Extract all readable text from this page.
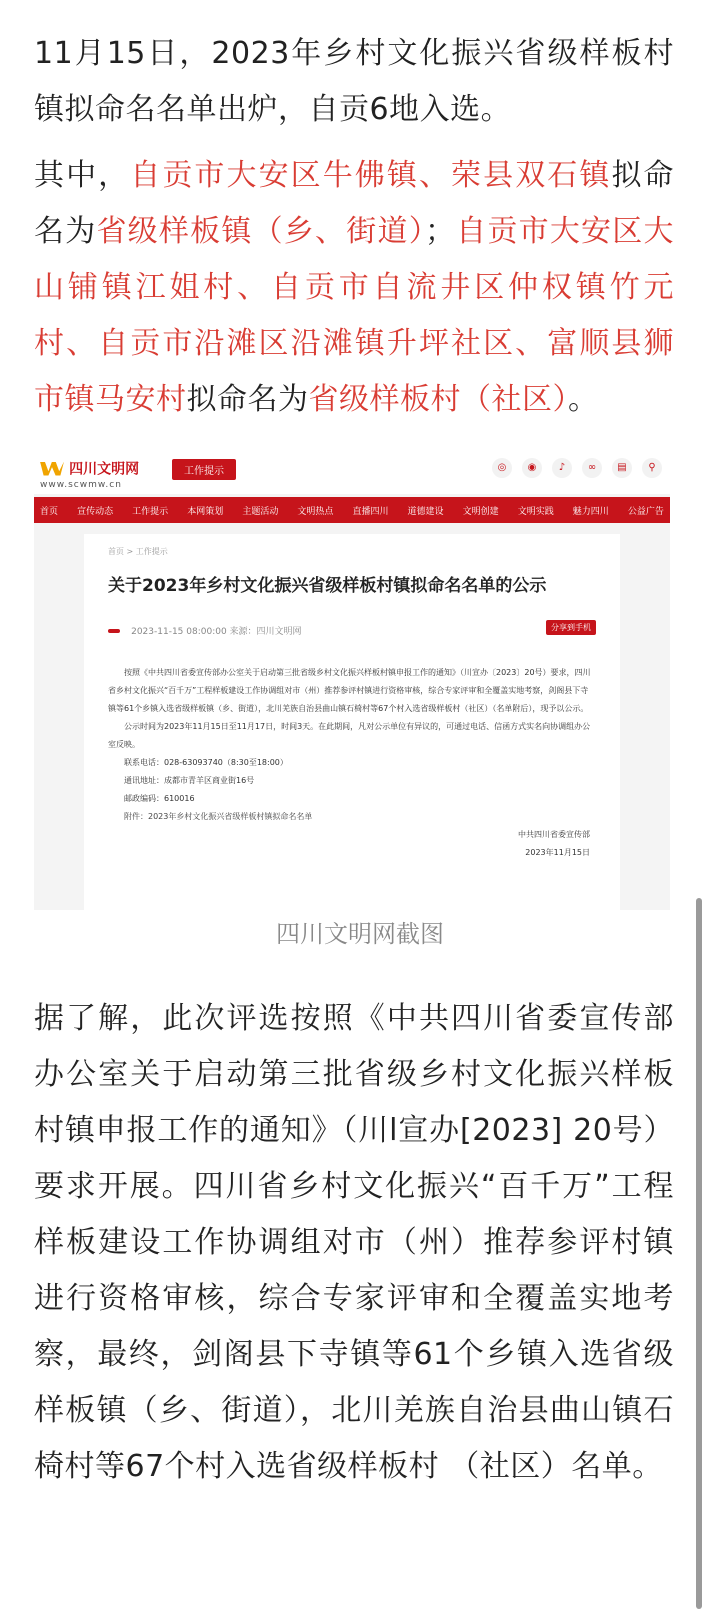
11月15日，2023年乡村文化振兴省级样板村镇拟命名名单出炉，自贡6地入选。

其中，自贡市大安区牛佛镇、荣县双石镇拟命名为省级样板镇（乡、街道）；自贡市大安区大山铺镇江姐村、自贡市自流井区仲权镇竹元村、自贡市沿滩区沿滩镇升坪社区、富顺县狮市镇马安村拟命名为省级样板村（社区）。

四川文明网
www.scwmw.cn
工作提示	◎	◉	♪	∞	▤	⚲
首页 宣传动态 工作提示 本网策划 主题活动 文明热点 直播四川 道德建设 文明创建 文明实践 魅力四川 公益广告
首页 > 工作提示
关于2023年乡村文化振兴省级样板村镇拟命名名单的公示
2023-11-15 08:00:00 来源：四川文明网	分享到手机

按照《中共四川省委宣传部办公室关于启动第三批省级乡村文化振兴样板村镇申报工作的通知》（川宣办〔2023〕20号）要求，四川省乡村文化振兴“百千万”工程样板建设工作协调组对市（州）推荐参评村镇进行资格审核，综合专家评审和全覆盖实地考察，剑阁县下寺镇等61个乡镇入选省级样板镇（乡、街道），北川羌族自治县曲山镇石椅村等67个村入选省级样板村（社区）（名单附后），现予以公示。

公示时间为2023年11月15日至11月17日，时间3天。在此期间，凡对公示单位有异议的，可通过电话、信函方式实名向协调组办公室反映。

联系电话：028-63093740（8:30至18:00）

通讯地址：成都市青羊区商业街16号

邮政编码：610016

附件：2023年乡村文化振兴省级样板村镇拟命名名单

中共四川省委宣传部

2023年11月15日

四川文明网截图

据了解，此次评选按照《中共四川省委宣传部办公室关于启动第三批省级乡村文化振兴样板村镇申报工作的通知》（川l宣办[2023] 20号）要求开展。四川省乡村文化振兴“百千万”工程样板建设工作协调组对市（州）推荐参评村镇进行资格审核，综合专家评审和全覆盖实地考察，最终，剑阁县下寺镇等61个乡镇入选省级样板镇（乡、街道），北川羌族自治县曲山镇石椅村等67个村入选省级样板村 （社区）名单。
